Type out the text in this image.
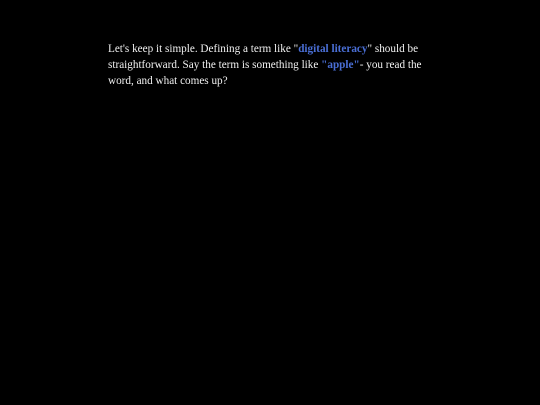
Let's keep it simple. Defining a term like "digital literacy" should be straightforward. Say the term is something like "apple"- you read the word, and what comes up?
